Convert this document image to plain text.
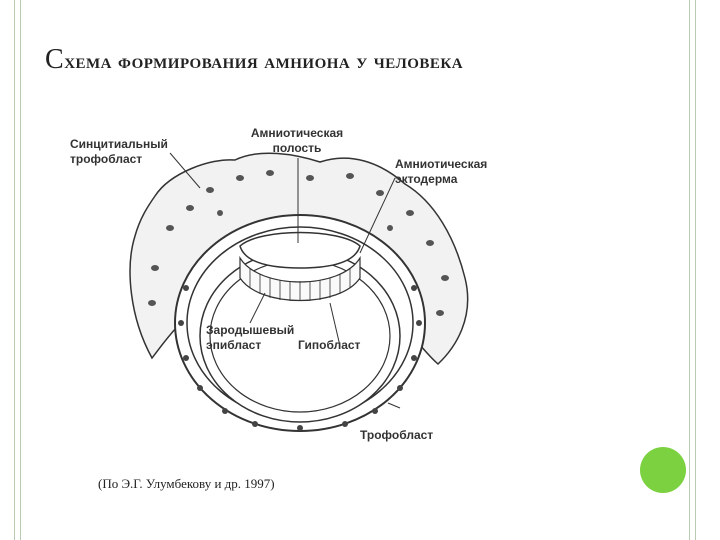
Схема формирования амниона у человека
Синцитиальный трофобласт
Амниотическая полость
Амниотическая эктодерма
Зародышевый эпибласт	Гипобласт
Трофобласт
(По Э.Г. Улумбекову и др. 1997)
